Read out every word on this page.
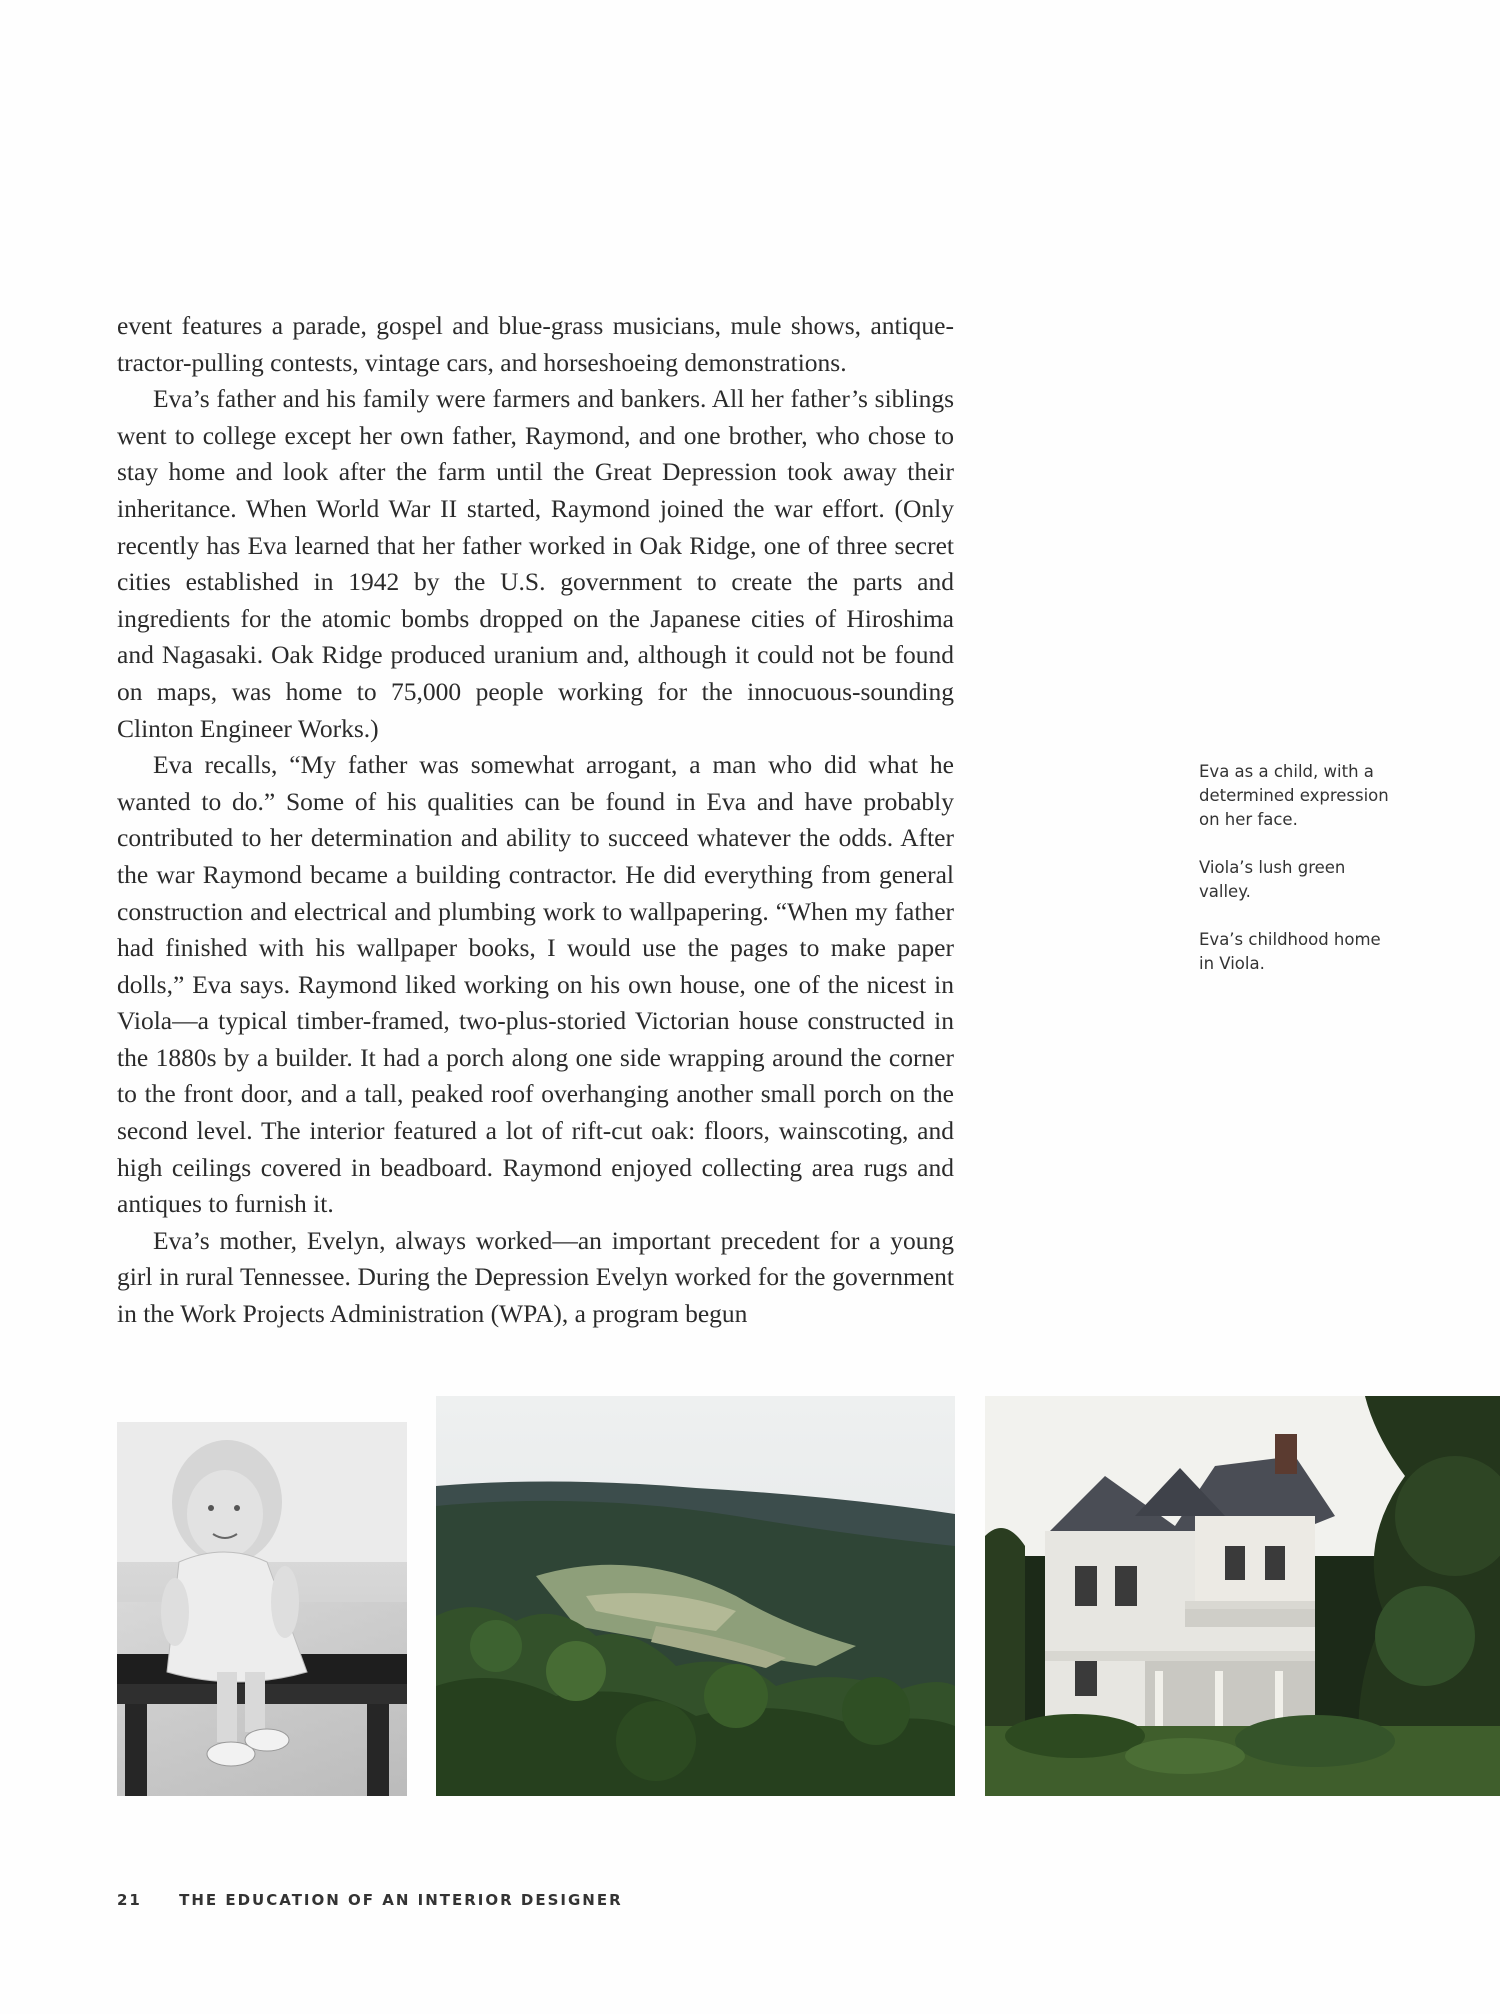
event features a parade, gospel and blue-grass musicians, mule shows, antique-tractor-pulling contests, vintage cars, and horseshoeing demonstrations.

Eva’s father and his family were farmers and bankers. All her father’s siblings went to college except her own father, Raymond, and one brother, who chose to stay home and look after the farm until the Great Depression took away their inheritance. When World War II started, Raymond joined the war effort. (Only recently has Eva learned that her father worked in Oak Ridge, one of three secret cities established in 1942 by the U.S. government to create the parts and ingredients for the atomic bombs dropped on the Japanese cities of Hiroshima and Nagasaki. Oak Ridge produced uranium and, although it could not be found on maps, was home to 75,000 people working for the innocuous-sounding Clinton Engineer Works.)

Eva recalls, “My father was somewhat arrogant, a man who did what he wanted to do.” Some of his qualities can be found in Eva and have probably contributed to her determination and ability to succeed whatever the odds. After the war Raymond became a building contractor. He did everything from general construction and electrical and plumbing work to wallpapering. “When my father had finished with his wallpaper books, I would use the pages to make paper dolls,” Eva says. Raymond liked working on his own house, one of the nicest in Viola—a typical timber-framed, two-plus-storied Victorian house constructed in the 1880s by a builder. It had a porch along one side wrapping around the corner to the front door, and a tall, peaked roof overhanging another small porch on the second level. The interior featured a lot of rift-cut oak: floors, wainscoting, and high ceilings covered in beadboard. Raymond enjoyed collecting area rugs and antiques to furnish it.

Eva’s mother, Evelyn, always worked—an important precedent for a young girl in rural Tennessee. During the Depression Evelyn worked for the government in the Work Projects Administration (WPA), a program begun

Eva as a child, with a determined expression on her face.

Viola’s lush green valley.

Eva’s childhood home in Viola.

21 THE EDUCATION OF AN INTERIOR DESIGNER
